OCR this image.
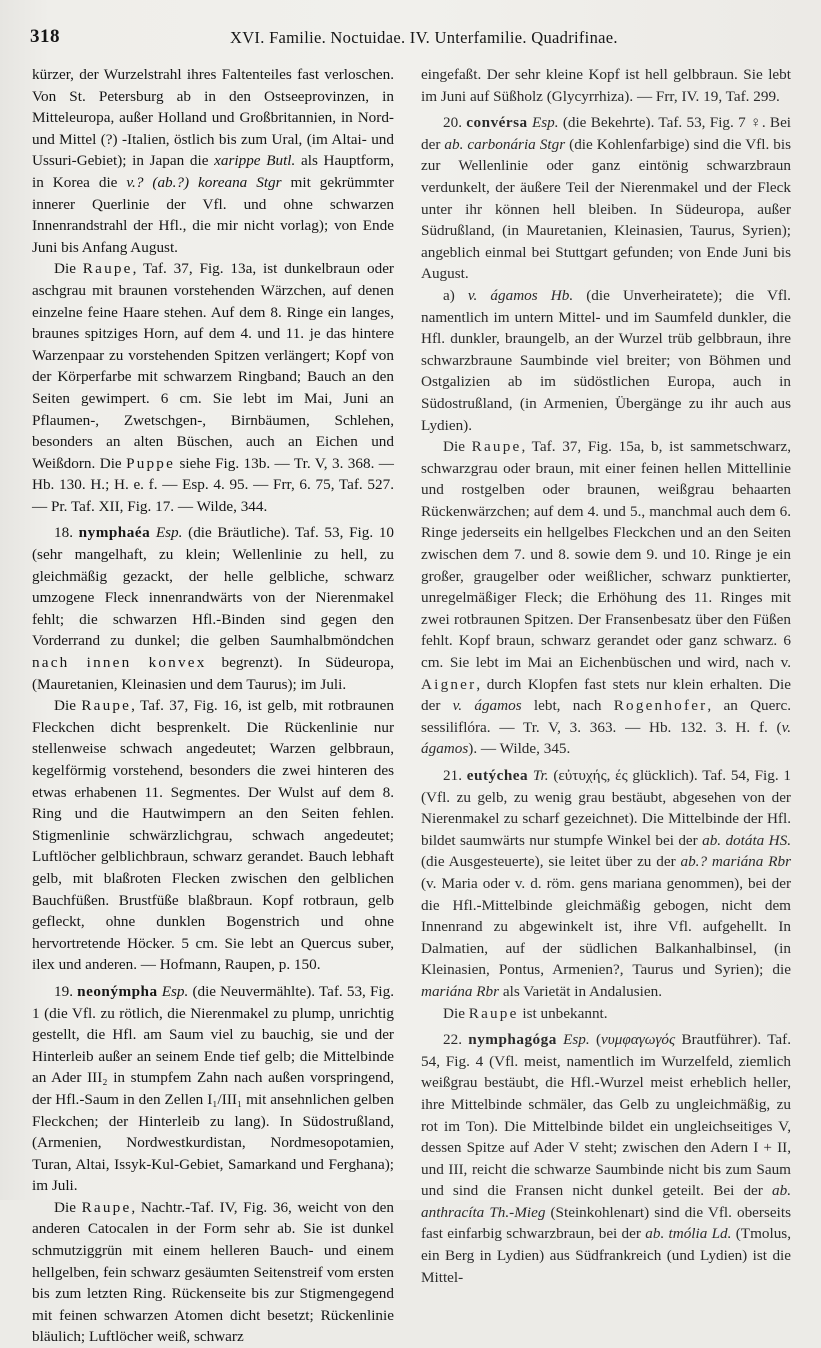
318	XVI. Familie. Noctuidae. IV. Unterfamilie. Quadrifinae.

kürzer, der Wurzelstrahl ihres Faltenteiles fast verloschen. Von St. Petersburg ab in den Ostseeprovinzen, in Mitteleuropa, außer Holland und Großbritannien, in Nord- und Mittel (?) -Italien, östlich bis zum Ural, (im Altai- und Ussuri-Gebiet); in Japan die xarippe Butl. als Hauptform, in Korea die v.? (ab.?) koreana Stgr mit gekrümmter innerer Querlinie der Vfl. und ohne schwarzen Innenrandstrahl der Hfl., die mir nicht vorlag); von Ende Juni bis Anfang August.

Die Raupe, Taf. 37, Fig. 13a, ist dunkelbraun oder aschgrau mit braunen vorstehenden Wärzchen, auf denen einzelne feine Haare stehen. Auf dem 8. Ringe ein langes, braunes spitziges Horn, auf dem 4. und 11. je das hintere Warzenpaar zu vorstehenden Spitzen verlängert; Kopf von der Körperfarbe mit schwarzem Ringband; Bauch an den Seiten gewimpert. 6 cm. Sie lebt im Mai, Juni an Pflaumen-, Zwetschgen-, Birnbäumen, Schlehen, besonders an alten Büschen, auch an Eichen und Weißdorn. Die Puppe siehe Fig. 13b. — Tr. V, 3. 368. — Hb. 130. H.; H. e. f. — Esp. 4. 95. — Frr, 6. 75, Taf. 527. — Pr. Taf. XII, Fig. 17. — Wilde, 344.

18. nymphaéa Esp. (die Bräutliche). Taf. 53, Fig. 10 (sehr mangelhaft, zu klein; Wellenlinie zu hell, zu gleichmäßig gezackt, der helle gelbliche, schwarz umzogene Fleck innenrandwärts von der Nierenmakel fehlt; die schwarzen Hfl.-Binden sind gegen den Vorderrand zu dunkel; die gelben Saumhalbmöndchen nach innen konvex begrenzt). In Südeuropa, (Mauretanien, Kleinasien und dem Taurus); im Juli.

Die Raupe, Taf. 37, Fig. 16, ist gelb, mit rotbraunen Fleckchen dicht besprenkelt. Die Rückenlinie nur stellenweise schwach angedeutet; Warzen gelbbraun, kegelförmig vorstehend, besonders die zwei hinteren des etwas erhabenen 11. Segmentes. Der Wulst auf dem 8. Ring und die Hautwimpern an den Seiten fehlen. Stigmenlinie schwärzlichgrau, schwach angedeutet; Luftlöcher gelblichbraun, schwarz gerandet. Bauch lebhaft gelb, mit blaßroten Flecken zwischen den gelblichen Bauchfüßen. Brustfüße blaßbraun. Kopf rotbraun, gelb gefleckt, ohne dunklen Bogenstrich und ohne hervortretende Höcker. 5 cm. Sie lebt an Quercus suber, ilex und anderen. — Hofmann, Raupen, p. 150.

19. neonýmpha Esp. (die Neuvermählte). Taf. 53, Fig. 1 (die Vfl. zu rötlich, die Nierenmakel zu plump, unrichtig gestellt, die Hfl. am Saum viel zu bauchig, sie und der Hinterleib außer an seinem Ende tief gelb; die Mittelbinde an Ader III₂ in stumpfem Zahn nach außen vorspringend, der Hfl.-Saum in den Zellen I₁/III₁ mit ansehnlichen gelben Fleckchen; der Hinterleib zu lang). In Südostrußland, (Armenien, Nordwestkurdistan, Nordmesopotamien, Turan, Altai, Issyk-Kul-Gebiet, Samarkand und Ferghana); im Juli.

Die Raupe, Nachtr.-Taf. IV, Fig. 36, weicht von den anderen Catocalen in der Form sehr ab. Sie ist dunkel schmutziggrün mit einem helleren Bauch- und einem hellgelben, fein schwarz gesäumten Seitenstreif vom ersten bis zum letzten Ring. Rückenseite bis zur Stigmengegend mit feinen schwarzen Atomen dicht besetzt; Rückenlinie bläulich; Luftlöcher weiß, schwarz

eingefaßt. Der sehr kleine Kopf ist hell gelbbraun. Sie lebt im Juni auf Süßholz (Glycyrrhiza). — Frr, IV. 19, Taf. 299.

20. convérsa Esp. (die Bekehrte). Taf. 53, Fig. 7 ♀. Bei der ab. carbonária Stgr (die Kohlenfarbige) sind die Vfl. bis zur Wellenlinie oder ganz eintönig schwarzbraun verdunkelt, der äußere Teil der Nierenmakel und der Fleck unter ihr können hell bleiben. In Südeuropa, außer Südrußland, (in Mauretanien, Kleinasien, Taurus, Syrien); angeblich einmal bei Stuttgart gefunden; von Ende Juni bis August.

a) v. ágamos Hb. (die Unverheiratete); die Vfl. namentlich im untern Mittel- und im Saumfeld dunkler, die Hfl. dunkler, braungelb, an der Wurzel trüb gelbbraun, ihre schwarzbraune Saumbinde viel breiter; von Böhmen und Ostgalizien ab im südöstlichen Europa, auch in Südostrußland, (in Armenien, Übergänge zu ihr auch aus Lydien).

Die Raupe, Taf. 37, Fig. 15a, b, ist sammetschwarz, schwarzgrau oder braun, mit einer feinen hellen Mittellinie und rostgelben oder braunen, weißgrau behaarten Rückenwärzchen; auf dem 4. und 5., manchmal auch dem 6. Ringe jederseits ein hellgelbes Fleckchen und an den Seiten zwischen dem 7. und 8. sowie dem 9. und 10. Ringe je ein großer, graugelber oder weißlicher, schwarz punktierter, unregelmäßiger Fleck; die Erhöhung des 11. Ringes mit zwei rotbraunen Spitzen. Der Fransenbesatz über den Füßen fehlt. Kopf braun, schwarz gerandet oder ganz schwarz. 6 cm. Sie lebt im Mai an Eichenbüschen und wird, nach v. Aigner, durch Klopfen fast stets nur klein erhalten. Die der v. ágamos lebt, nach Rogenhofer, an Querc. sessiliflóra. — Tr. V, 3. 363. — Hb. 132. 3. H. f. (v. ágamos). — Wilde, 345.

21. eutýchea Tr. (εὐτυχής, ές glücklich). Taf. 54, Fig. 1 (Vfl. zu gelb, zu wenig grau bestäubt, abgesehen von der Nierenmakel zu scharf gezeichnet). Die Mittelbinde der Hfl. bildet saumwärts nur stumpfe Winkel bei der ab. dotáta HS. (die Ausgesteuerte), sie leitet über zu der ab.? mariána Rbr (v. Maria oder v. d. röm. gens mariana genommen), bei der die Hfl.-Mittelbinde gleichmäßig gebogen, nicht dem Innenrand zu abgewinkelt ist, ihre Vfl. aufgehellt. In Dalmatien, auf der südlichen Balkanhalbinsel, (in Kleinasien, Pontus, Armenien?, Taurus und Syrien); die mariána Rbr als Varietät in Andalusien.

Die Raupe ist unbekannt.

22. nymphagóga Esp. (νυμφαγωγός Brautführer). Taf. 54, Fig. 4 (Vfl. meist, namentlich im Wurzelfeld, ziemlich weißgrau bestäubt, die Hfl.-Wurzel meist erheblich heller, ihre Mittelbinde schmäler, das Gelb zu ungleichmäßig, zu rot im Ton). Die Mittelbinde bildet ein ungleichseitiges V, dessen Spitze auf Ader V steht; zwischen den Adern I + II, und III, reicht die schwarze Saumbinde nicht bis zum Saum und sind die Fransen nicht dunkel geteilt. Bei der ab. anthracíta Th.-Mieg (Steinkohlenart) sind die Vfl. oberseits fast einfarbig schwarzbraun, bei der ab. tmólia Ld. (Tmolus, ein Berg in Lydien) aus Südfrankreich (und Lydien) ist die Mittel-
